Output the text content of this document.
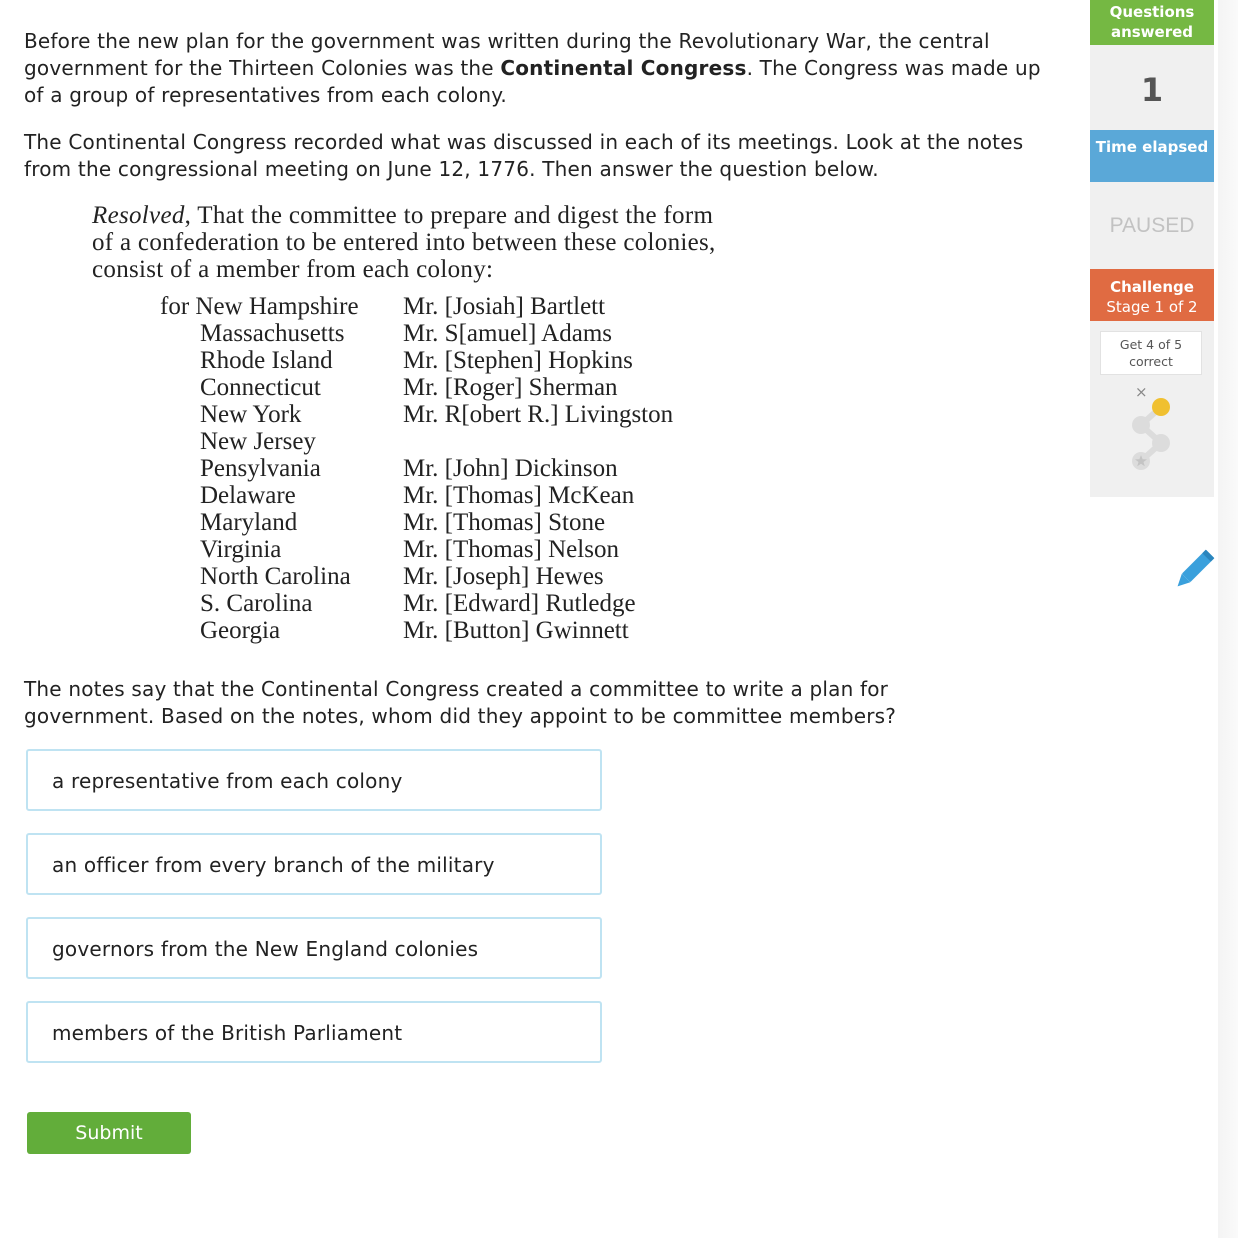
Before the new plan for the government was written during the Revolutionary War, the central government for the Thirteen Colonies was the Continental Congress. The Congress was made up of a group of representatives from each colony.

The Continental Congress recorded what was discussed in each of its meetings. Look at the notes from the congressional meeting on June 12, 1776. Then answer the question below.

Resolved, That the committee to prepare and digest the form of a confederation to be entered into between these colonies, consist of a member from each colony:
for New Hampshire	Mr. [Josiah] Bartlett
Massachusetts	Mr. S[amuel] Adams
Rhode Island	Mr. [Stephen] Hopkins
Connecticut	Mr. [Roger] Sherman
New York	Mr. R[obert R.] Livingston
New Jersey	
Pensylvania	Mr. [John] Dickinson
Delaware	Mr. [Thomas] McKean
Maryland	Mr. [Thomas] Stone
Virginia	Mr. [Thomas] Nelson
North Carolina	Mr. [Joseph] Hewes
S. Carolina	Mr. [Edward] Rutledge
Georgia	Mr. [Button] Gwinnett
The notes say that the Continental Congress created a committee to write a plan for government. Based on the notes, whom did they appoint to be committee members?
a representative from each colony
an officer from every branch of the military
governors from the New England colonies
members of the British Parliament
Submit
Questions answered
1
Time elapsed
PAUSED
Challenge
Stage 1 of 2
Get 4 of 5 correct
×
